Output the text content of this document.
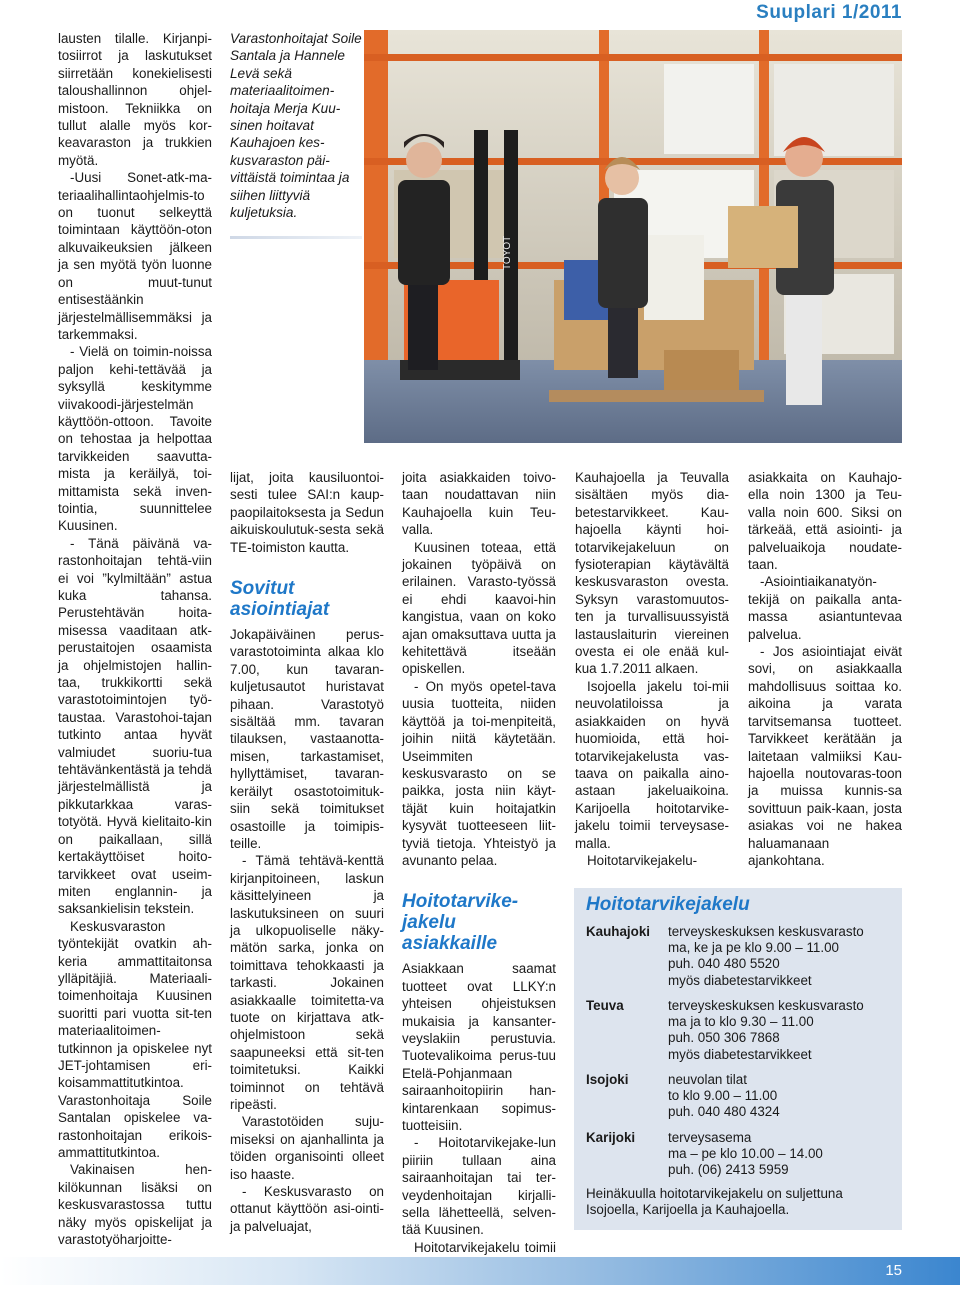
Suuplari 1/2011

lausten tilalle. Kirjanpi-tosiirrot ja laskutukset siirretään konekielisesti taloushallinnon ohjel-mistoon. Tekniikka on tullut alalle myös kor-keavaraston ja trukkien myötä.

-Uusi Sonet-atk-ma-teriaalihallintaohjelmis-to on tuonut selkeyttä toimintaan käyttöön-oton alkuvaikeuksien jälkeen ja sen myötä työn luonne on muut-tunut entisestäänkin järjestelmällisemmäksi ja tarkemmaksi.

- Vielä on toimin-noissa paljon kehi-tettävää ja syksyllä keskitymme viivakoodi-järjestelmän käyttöön-ottoon. Tavoite on tehostaa ja helpottaa tarvikkeiden saavutta-mista ja keräilyä, toi-mittamista sekä inven-tointia, suunnittelee Kuusinen.

- Tänä päivänä va-rastonhoitajan tehtä-viin ei voi ”kylmiltään” astua kuka tahansa. Perustehtävän hoita-misessa vaaditaan atk-perustaitojen osaamista ja ohjelmistojen hallin-taa, trukkikortti sekä varastotoimintojen työ-taustaa. Varastohoi-tajan tutkinto antaa hyvät valmiudet suoriu-tua tehtävänkentästä ja tehdä järjestelmällistä ja pikkutarkkaa varas-totyötä. Hyvä kielitaito-kin on paikallaan, sillä kertakäyttöiset hoito-tarvikkeet ovat useim-miten englannin- ja saksankielisin tekstein.

Keskusvaraston työntekijät ovatkin ah-keria ammattitaitonsa ylläpitäjiä. Materiaali-toimenhoitaja Kuusinen suoritti pari vuotta sit-ten materiaalitoimen-tutkinnon ja opiskelee nyt JET-johtamisen eri-koisammattitutkintoa. Varastonhoitaja Soile Santalan opiskelee va-rastonhoitajan erikois-ammattitutkintoa.

Vakinaisen hen-kilökunnan lisäksi on keskusvarastossa tuttu näky myös opiskelijat ja varastotyöharjoitte-

Varastonhoitajat Soile Santala ja Hannele Levä sekä materiaalitoimen-hoitaja Merja Kuu-sinen hoitavat Kauhajoen kes-kusvaraston päi-vittäistä toimintaa ja siihen liittyviä kuljetuksia.
TOYOT

lijat, joita kausiluontoi-sesti tulee SAI:n kaup-paopilaitoksesta ja Sedun aikuiskoulutuk-sesta sekä TE-toimiston kautta.

Sovitut asiointiajat

Jokapäiväinen perus-varastotoiminta alkaa klo 7.00, kun tavaran-kuljetusautot huristavat pihaan. Varastotyö sisältää mm. tavaran tilauksen, vastaanotta-misen, tarkastamiset, hyllyttämiset, tavaran-keräilyt osastotoimituk-siin sekä toimitukset osastoille ja toimipis-teille.

- Tämä tehtävä-kenttä kirjanpitoineen, laskun käsittelyineen ja laskutuksineen on suuri ja ulkopuoliselle näky-mätön sarka, jonka on toimittava tehokkaasti ja tarkasti. Jokainen asiakkaalle toimitetta-va tuote on kirjattava atk-ohjelmistoon sekä saapuneeksi että sit-ten toimitetuksi. Kaikki toiminnot on tehtävä ripeästi.

Varastotöiden suju-miseksi on ajanhallinta ja töiden organisointi olleet iso haaste.

- Keskusvarasto on ottanut käyttöön asi-ointi- ja palveluajat,

joita asiakkaiden toivo-taan noudattavan niin Kauhajoella kuin Teu-valla.

Kuusinen toteaa, että jokainen työpäivä on erilainen. Varasto-työssä ei ehdi kaavoi-hin kangistua, vaan on koko ajan omaksuttava uutta ja kehitettävä itseään opiskellen.

- On myös opetel-tava uusia tuotteita, niiden käyttöä ja toi-menpiteitä, joihin niitä käytetään. Useimmiten keskusvarasto on se paikka, josta niin käyt-täjät kuin hoitajatkin kysyvät tuotteeseen liit-tyviä tietoja. Yhteistyö ja avunanto pelaa.

Hoitotarvike-jakelu asiakkaille

Asiakkaan saamat tuotteet ovat LLKY:n yhteisen ohjeistuksen mukaisia ja kansanter-veyslakiin perustuvia. Tuotevalikoima perus-tuu Etelä-Pohjanmaan sairaanhoitopiirin han-kintarenkaan sopimus-tuotteisiin.

- Hoitotarvikejake-lun piiriin tullaan aina sairaanhoitajan tai ter-veydenhoitajan kirjalli-sella lähetteellä, selven-tää Kuusinen.

Hoitotarvikejakelu toimii

Kauhajoella ja Teuvalla sisältäen myös dia-betestarvikkeet. Kau-hajoella käynti hoi-totarvikejakeluun on fysioterapian käytävältä keskusvaraston ovesta. Syksyn varastomuutos-ten ja turvallisuussyistä lastauslaiturin viereinen ovesta ei ole enää kul-kua 1.7.2011 alkaen.

Isojoella jakelu toi-mii neuvolatiloissa ja asiakkaiden on hyvä huomioida, että hoi-totarvikejakelusta vas-taava on paikalla aino-astaan jakeluaikoina. Karijoella hoitotarvike-jakelu toimii terveysase-malla.

Hoitotarvikejakelu-

asiakkaita on Kauhajo-ella noin 1300 ja Teu-valla noin 600. Siksi on tärkeää, että asiointi- ja palveluaikoja noudate-taan.

-Asiointiaikanatyön-tekijä on paikalla anta-massa asiantuntevaa palvelua.

- Jos asiointiajat eivät sovi, on asiakkaalla mahdollisuus soittaa ko. aikoina ja varata tarvitsemansa tuotteet. Tarvikkeet kerätään ja laitetaan valmiiksi Kau-hajoella noutovaras-toon ja muissa kunnis-sa sovittuun paik-kaan, josta asiakas voi ne hakea haluamanaan ajankohtana.

Hoitotarvikejakelu
Kauhajoki terveyskeskuksen keskusvarasto
ma, ke ja pe klo 9.00 – 11.00
puh. 040 480 5520
myös diabetestarvikkeet
Teuva	terveyskeskuksen keskusvarasto
ma ja to klo 9.30 – 11.00
puh. 050 306 7868
myös diabetestarvikkeet
Isojoki	neuvolan tilat
to klo 9.00 – 11.00
puh. 040 480 4324
Karijoki terveysasema
ma – pe klo 10.00 – 14.00
puh. (06) 2413 5959
Heinäkuulla hoitotarvikejakelu on suljettuna Isojoella, Karijoella ja Kauhajoella.
15
